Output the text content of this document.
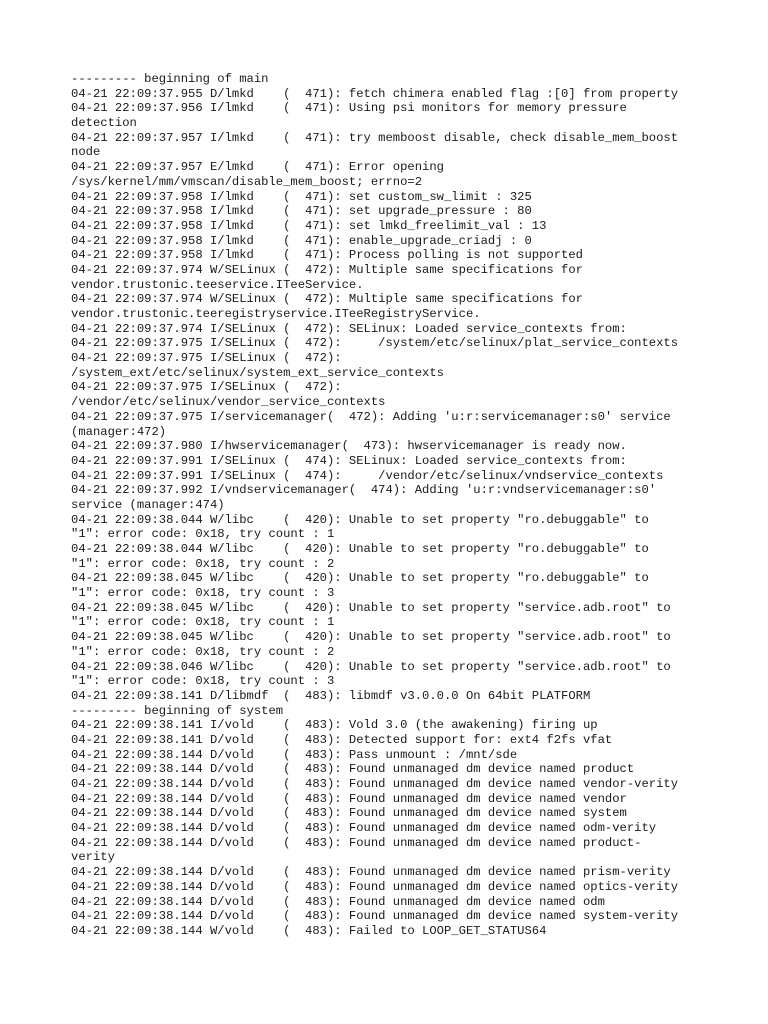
--------- beginning of main
04-21 22:09:37.955 D/lmkd    (  471): fetch chimera enabled flag :[0] from property
04-21 22:09:37.956 I/lmkd    (  471): Using psi monitors for memory pressure
detection
04-21 22:09:37.957 I/lmkd    (  471): try memboost disable, check disable_mem_boost
node
04-21 22:09:37.957 E/lmkd    (  471): Error opening
/sys/kernel/mm/vmscan/disable_mem_boost; errno=2
04-21 22:09:37.958 I/lmkd    (  471): set custom_sw_limit : 325
04-21 22:09:37.958 I/lmkd    (  471): set upgrade_pressure : 80
04-21 22:09:37.958 I/lmkd    (  471): set lmkd_freelimit_val : 13
04-21 22:09:37.958 I/lmkd    (  471): enable_upgrade_criadj : 0
04-21 22:09:37.958 I/lmkd    (  471): Process polling is not supported
04-21 22:09:37.974 W/SELinux (  472): Multiple same specifications for
vendor.trustonic.teeservice.ITeeService.
04-21 22:09:37.974 W/SELinux (  472): Multiple same specifications for
vendor.trustonic.teeregistryservice.ITeeRegistryService.
04-21 22:09:37.974 I/SELinux (  472): SELinux: Loaded service_contexts from:
04-21 22:09:37.975 I/SELinux (  472):     /system/etc/selinux/plat_service_contexts
04-21 22:09:37.975 I/SELinux (  472):
/system_ext/etc/selinux/system_ext_service_contexts
04-21 22:09:37.975 I/SELinux (  472):
/vendor/etc/selinux/vendor_service_contexts
04-21 22:09:37.975 I/servicemanager(  472): Adding 'u:r:servicemanager:s0' service
(manager:472)
04-21 22:09:37.980 I/hwservicemanager(  473): hwservicemanager is ready now.
04-21 22:09:37.991 I/SELinux (  474): SELinux: Loaded service_contexts from:
04-21 22:09:37.991 I/SELinux (  474):     /vendor/etc/selinux/vndservice_contexts
04-21 22:09:37.992 I/vndservicemanager(  474): Adding 'u:r:vndservicemanager:s0'
service (manager:474)
04-21 22:09:38.044 W/libc    (  420): Unable to set property "ro.debuggable" to
"1": error code: 0x18, try count : 1
04-21 22:09:38.044 W/libc    (  420): Unable to set property "ro.debuggable" to
"1": error code: 0x18, try count : 2
04-21 22:09:38.045 W/libc    (  420): Unable to set property "ro.debuggable" to
"1": error code: 0x18, try count : 3
04-21 22:09:38.045 W/libc    (  420): Unable to set property "service.adb.root" to
"1": error code: 0x18, try count : 1
04-21 22:09:38.045 W/libc    (  420): Unable to set property "service.adb.root" to
"1": error code: 0x18, try count : 2
04-21 22:09:38.046 W/libc    (  420): Unable to set property "service.adb.root" to
"1": error code: 0x18, try count : 3
04-21 22:09:38.141 D/libmdf  (  483): libmdf v3.0.0.0 On 64bit PLATFORM
--------- beginning of system
04-21 22:09:38.141 I/vold    (  483): Vold 3.0 (the awakening) firing up
04-21 22:09:38.141 D/vold    (  483): Detected support for: ext4 f2fs vfat
04-21 22:09:38.144 D/vold    (  483): Pass unmount : /mnt/sde
04-21 22:09:38.144 D/vold    (  483): Found unmanaged dm device named product
04-21 22:09:38.144 D/vold    (  483): Found unmanaged dm device named vendor-verity
04-21 22:09:38.144 D/vold    (  483): Found unmanaged dm device named vendor
04-21 22:09:38.144 D/vold    (  483): Found unmanaged dm device named system
04-21 22:09:38.144 D/vold    (  483): Found unmanaged dm device named odm-verity
04-21 22:09:38.144 D/vold    (  483): Found unmanaged dm device named product-
verity
04-21 22:09:38.144 D/vold    (  483): Found unmanaged dm device named prism-verity
04-21 22:09:38.144 D/vold    (  483): Found unmanaged dm device named optics-verity
04-21 22:09:38.144 D/vold    (  483): Found unmanaged dm device named odm
04-21 22:09:38.144 D/vold    (  483): Found unmanaged dm device named system-verity
04-21 22:09:38.144 W/vold    (  483): Failed to LOOP_GET_STATUS64
